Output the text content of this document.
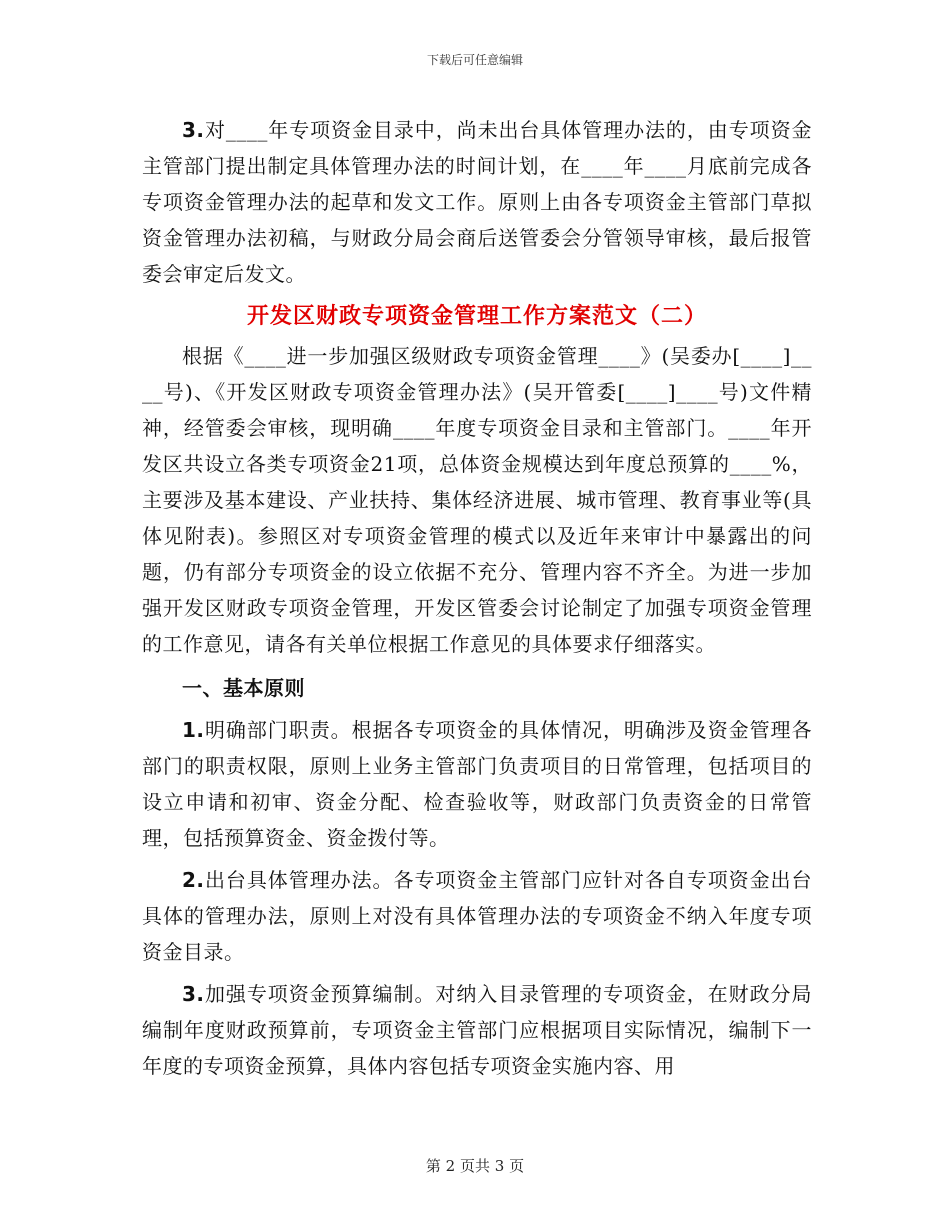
下载后可任意编辑

3.对____年专项资金目录中，尚未出台具体管理办法的，由专项资金主管部门提出制定具体管理办法的时间计划，在____年____月底前完成各专项资金管理办法的起草和发文工作。原则上由各专项资金主管部门草拟资金管理办法初稿，与财政分局会商后送管委会分管领导审核，最后报管委会审定后发文。

开发区财政专项资金管理工作方案范文（二）

根据《____进一步加强区级财政专项资金管理____》(吴委办[____]____号)、《开发区财政专项资金管理办法》(吴开管委[____]____号)文件精神，经管委会审核，现明确____年度专项资金目录和主管部门。____年开发区共设立各类专项资金21项，总体资金规模达到年度总预算的____%，主要涉及基本建设、产业扶持、集体经济进展、城市管理、教育事业等(具体见附表)。参照区对专项资金管理的模式以及近年来审计中暴露出的问题，仍有部分专项资金的设立依据不充分、管理内容不齐全。为进一步加强开发区财政专项资金管理，开发区管委会讨论制定了加强专项资金管理的工作意见，请各有关单位根据工作意见的具体要求仔细落实。

一、基本原则

1.明确部门职责。根据各专项资金的具体情况，明确涉及资金管理各部门的职责权限，原则上业务主管部门负责项目的日常管理，包括项目的设立申请和初审、资金分配、检查验收等，财政部门负责资金的日常管理，包括预算资金、资金拨付等。

2.出台具体管理办法。各专项资金主管部门应针对各自专项资金出台具体的管理办法，原则上对没有具体管理办法的专项资金不纳入年度专项资金目录。

3.加强专项资金预算编制。对纳入目录管理的专项资金，在财政分局编制年度财政预算前，专项资金主管部门应根据项目实际情况，编制下一年度的专项资金预算，具体内容包括专项资金实施内容、用

第 2 页共 3 页
